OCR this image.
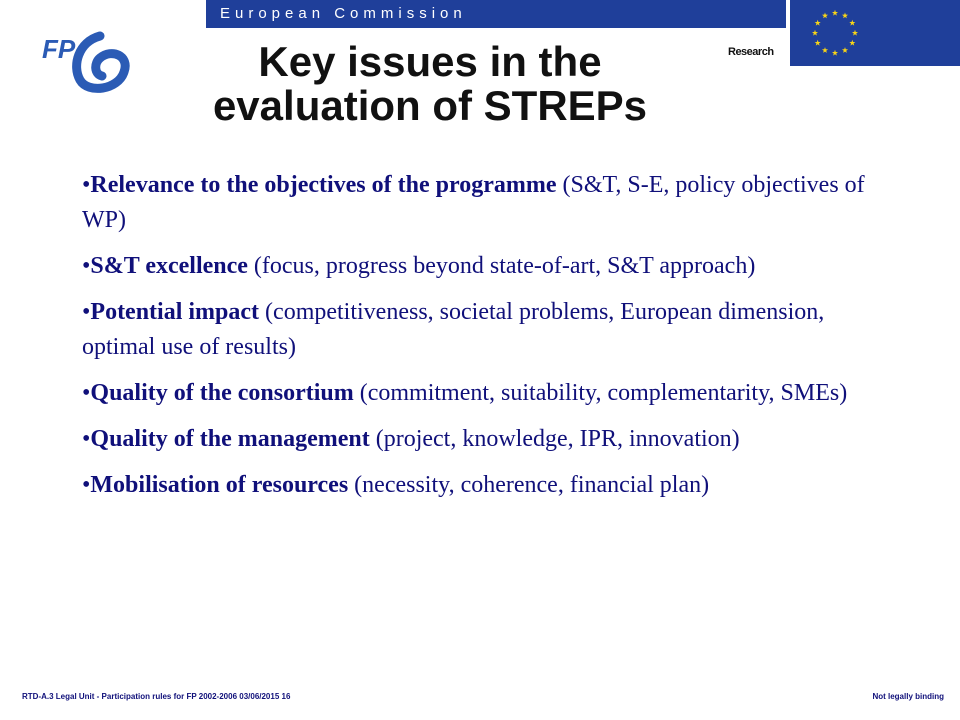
European Commission
Research
FP	Key issues in the
evaluation of STREPs
•Relevance to the objectives of the programme (S&T, S-E, policy objectives of WP)
•S&T excellence (focus, progress beyond state-of-art, S&T approach)
•Potential impact (competitiveness, societal problems, European dimension, optimal use of results)
•Quality of the consortium (commitment, suitability, complementarity, SMEs)
•Quality of the management (project, knowledge, IPR, innovation)
•Mobilisation of resources (necessity, coherence, financial plan)
RTD-A.3 Legal Unit - Participation rules for FP 2002-2006 03/06/2015 16	Not legally binding
